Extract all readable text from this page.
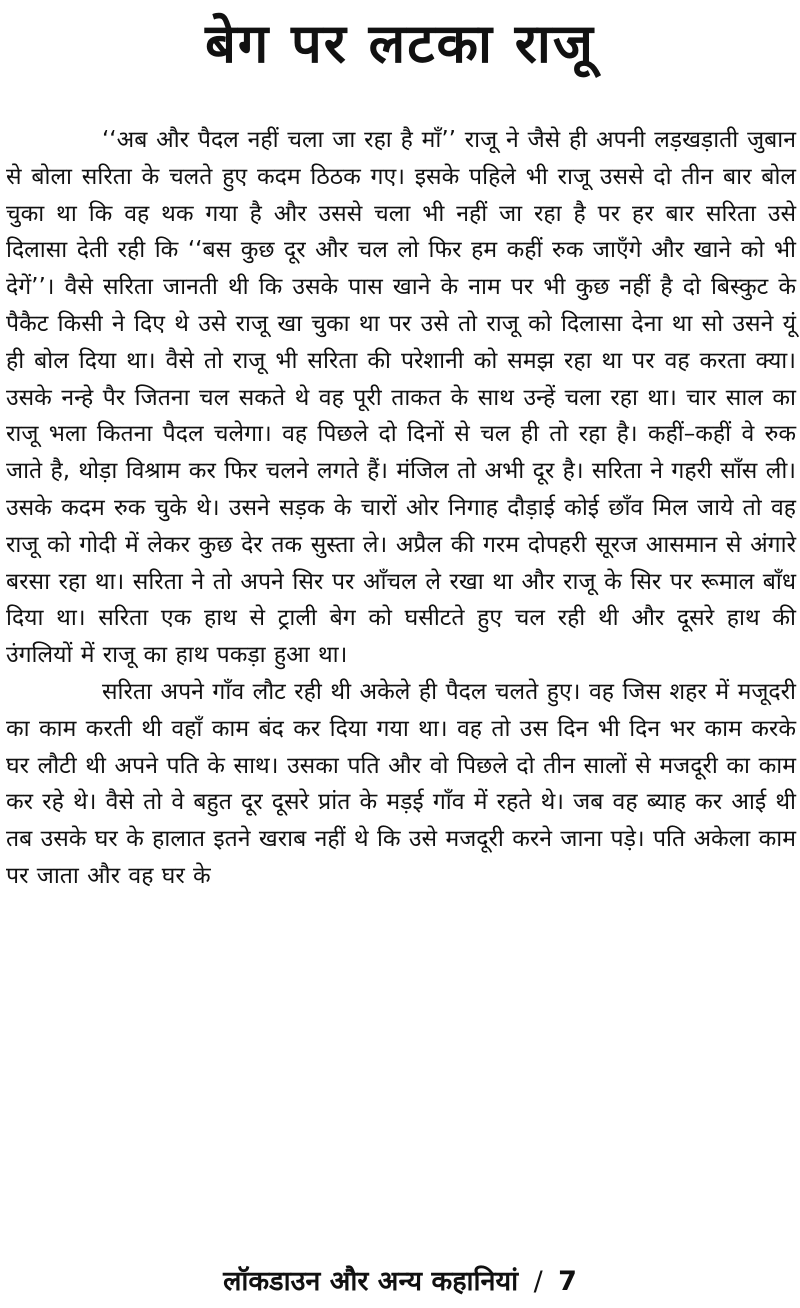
बेग पर लटका राजू

‘‘अब और पैदल नहीं चला जा रहा है माँ’’ राजू ने जैसे ही अपनी लड़खड़ाती जुबान से बोला सरिता के चलते हुए कदम ठिठक गए। इसके पहिले भी राजू उससे दो तीन बार बोल चुका था कि वह थक गया है और उससे चला भी नहीं जा रहा है पर हर बार सरिता उसे दिलासा देती रही कि ‘‘बस कुछ दूर और चल लो फिर हम कहीं रुक जाएँगे और खाने को भी देगें’’। वैसे सरिता जानती थी कि उसके पास खाने के नाम पर भी कुछ नहीं है दो बिस्कुट के पैकैट किसी ने दिए थे उसे राजू खा चुका था पर उसे तो राजू को दिलासा देना था सो उसने यूं ही बोल दिया था। वैसे तो राजू भी सरिता की परेशानी को समझ रहा था पर वह करता क्या। उसके नन्हे पैर जितना चल सकते थे वह पूरी ताकत के साथ उन्हें चला रहा था। चार साल का राजू भला कितना पैदल चलेगा। वह पिछले दो दिनों से चल ही तो रहा है। कहीं–कहीं वे रुक जाते है, थोड़ा विश्राम कर फिर चलने लगते हैं। मंजिल तो अभी दूर है। सरिता ने गहरी साँस ली। उसके कदम रुक चुके थे। उसने सड़क के चारों ओर निगाह दौड़ाई कोई छाँव मिल जाये तो वह राजू को गोदी में लेकर कुछ देर तक सुस्ता ले। अप्रैल की गरम दोपहरी सूरज आसमान से अंगारे बरसा रहा था। सरिता ने तो अपने सिर पर आँचल ले रखा था और राजू के सिर पर रूमाल बाँध दिया था। सरिता एक हाथ से ट्राली बेग को घसीटते हुए चल रही थी और दूसरे हाथ की उंगलियों में राजू का हाथ पकड़ा हुआ था।

सरिता अपने गाँव लौट रही थी अकेले ही पैदल चलते हुए। वह जिस शहर में मजूदरी का काम करती थी वहाँ काम बंद कर दिया गया था। वह तो उस दिन भी दिन भर काम करके घर लौटी थी अपने पति के साथ। उसका पति और वो पिछले दो तीन सालों से मजदूरी का काम कर रहे थे। वैसे तो वे बहुत दूर दूसरे प्रांत के मड़ई गाँव में रहते थे। जब वह ब्याह कर आई थी तब उसके घर के हालात इतने खराब नहीं थे कि उसे मजदूरी करने जाना पड़े। पति अकेला काम पर जाता और वह घर के

लॉकडाउन और अन्य कहानियां / 7
